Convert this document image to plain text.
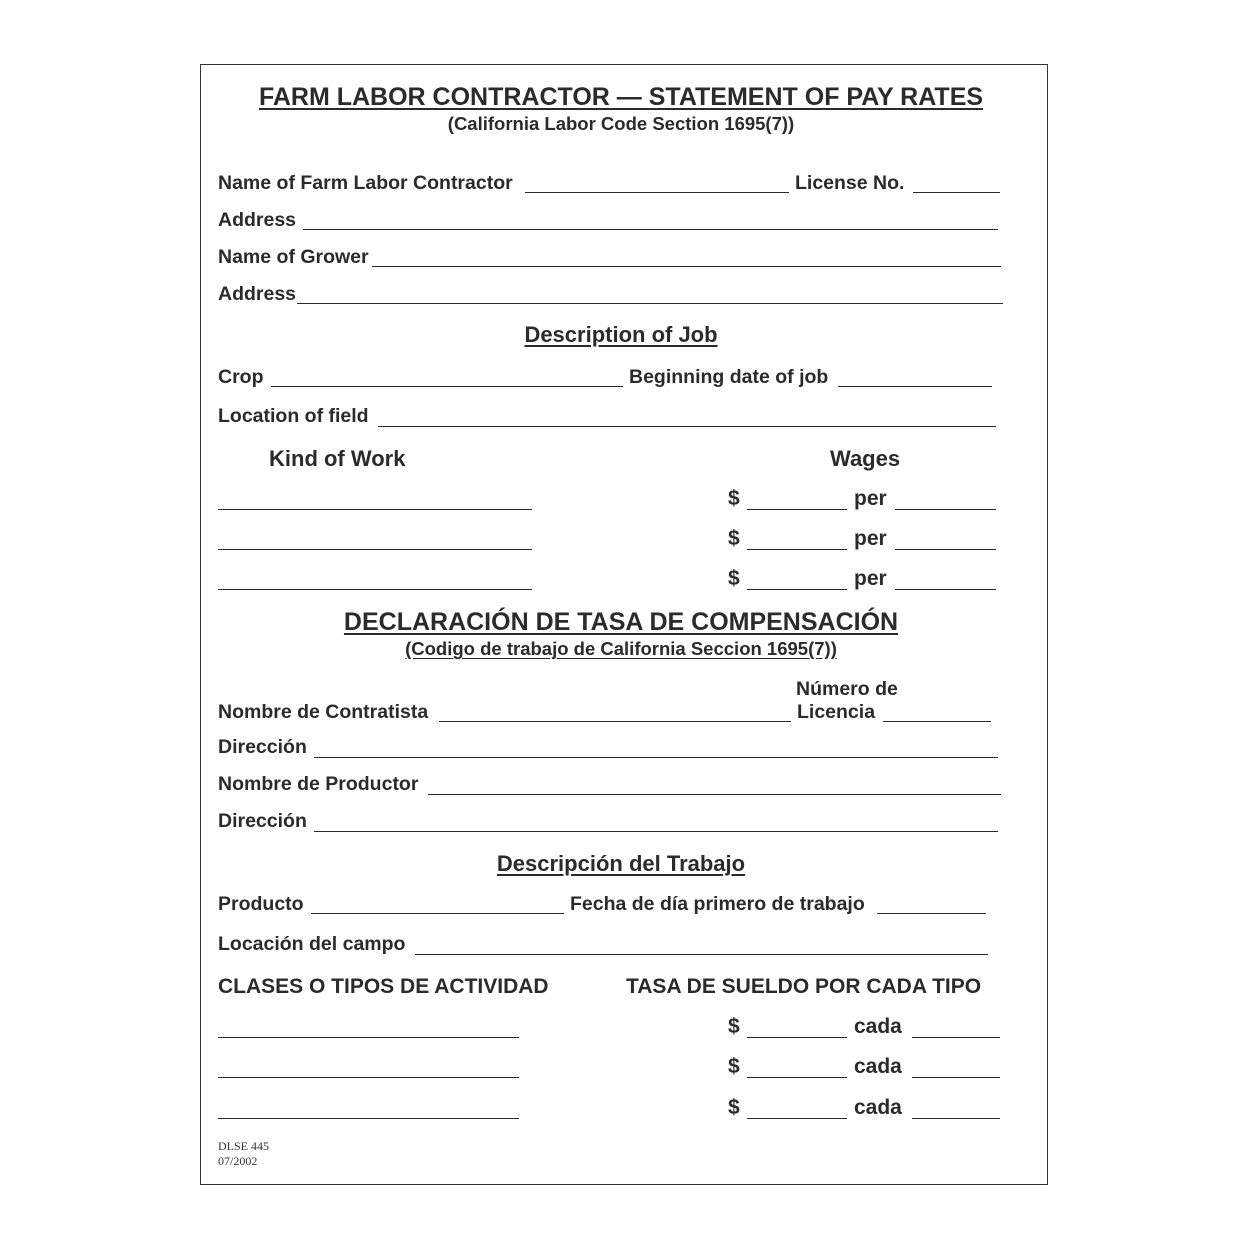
FARM LABOR CONTRACTOR — STATEMENT OF PAY RATES
(California Labor Code Section 1695(7))
Name of Farm Labor Contractor	License No.
Address
Name of Grower
Address
Description of Job
Crop	Beginning date of job
Location of field
Kind of Work	Wages
$	per
$	per
$	per
DECLARACIÓN DE TASA DE COMPENSACIÓN
(Codigo de trabajo de California Seccion 1695(7))
Número de
Nombre de Contratista	Licencia
Dirección
Nombre de Productor
Dirección
Descripción del Trabajo
Producto	Fecha de día primero de trabajo
Locación del campo
CLASES O TIPOS DE ACTIVIDAD	TASA DE SUELDO POR CADA TIPO
$	cada
$	cada
$	cada
DLSE 445
07/2002
